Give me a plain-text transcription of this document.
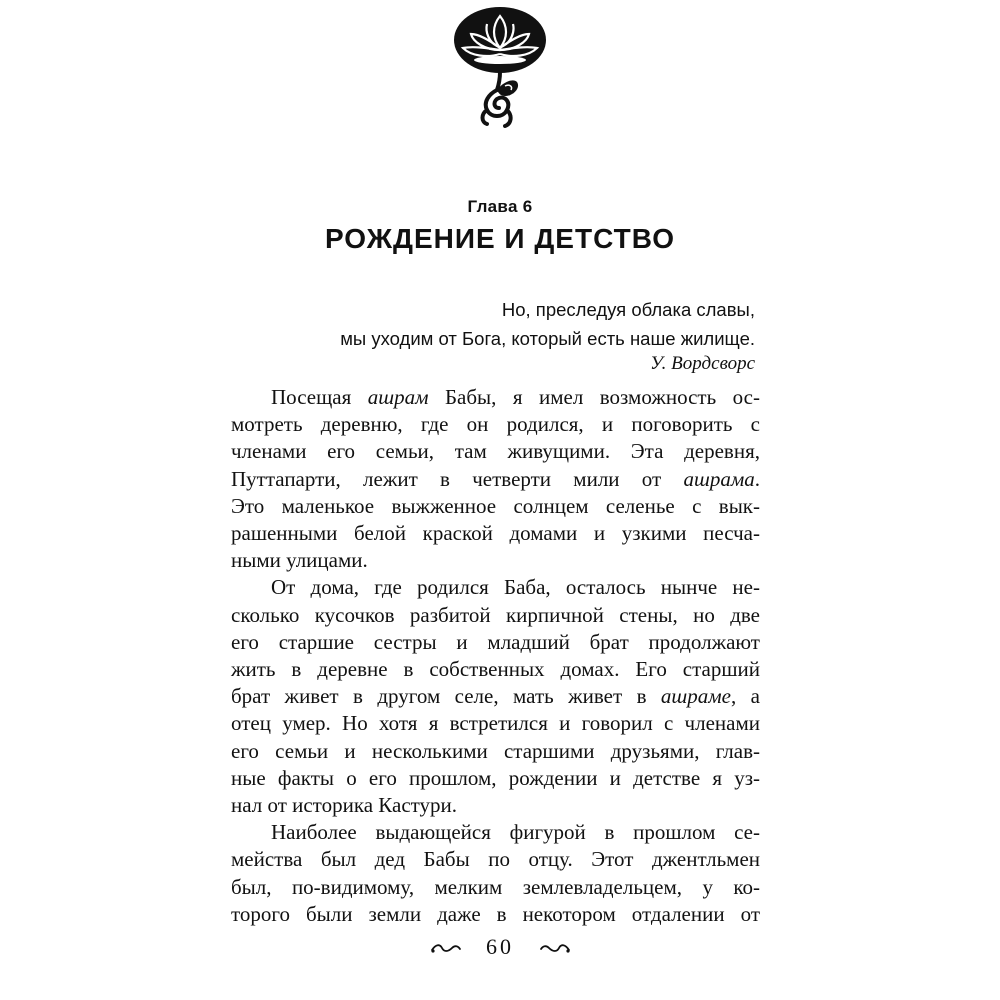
Глава 6
РОЖДЕНИЕ И ДЕТСТВО
Но, преследуя облака славы,
мы уходим от Бога, который есть наше жилище.
У. Вордсворс
Посещая ашрам Бабы, я имел возможность ос-
мотреть деревню, где он родился, и поговорить с
членами его семьи, там живущими. Эта деревня,
Путтапарти, лежит в четверти мили от ашрама.
Это маленькое выжженное солнцем селенье с вык-
рашенными белой краской домами и узкими песча-
ными улицами.
От дома, где родился Баба, осталось нынче не-
сколько кусочков разбитой кирпичной стены, но две
его старшие сестры и младший брат продолжают
жить в деревне в собственных домах. Его старший
брат живет в другом селе, мать живет в ашраме, а
отец умер. Но хотя я встретился и говорил с членами
его семьи и несколькими старшими друзьями, глав-
ные факты о его прошлом, рождении и детстве я уз-
нал от историка Кастури.
Наиболее выдающейся фигурой в прошлом се-
мейства был дед Бабы по отцу. Этот джентльмен
был, по-видимому, мелким землевладельцем, у ко-
торого были земли даже в некотором отдалении от
60
